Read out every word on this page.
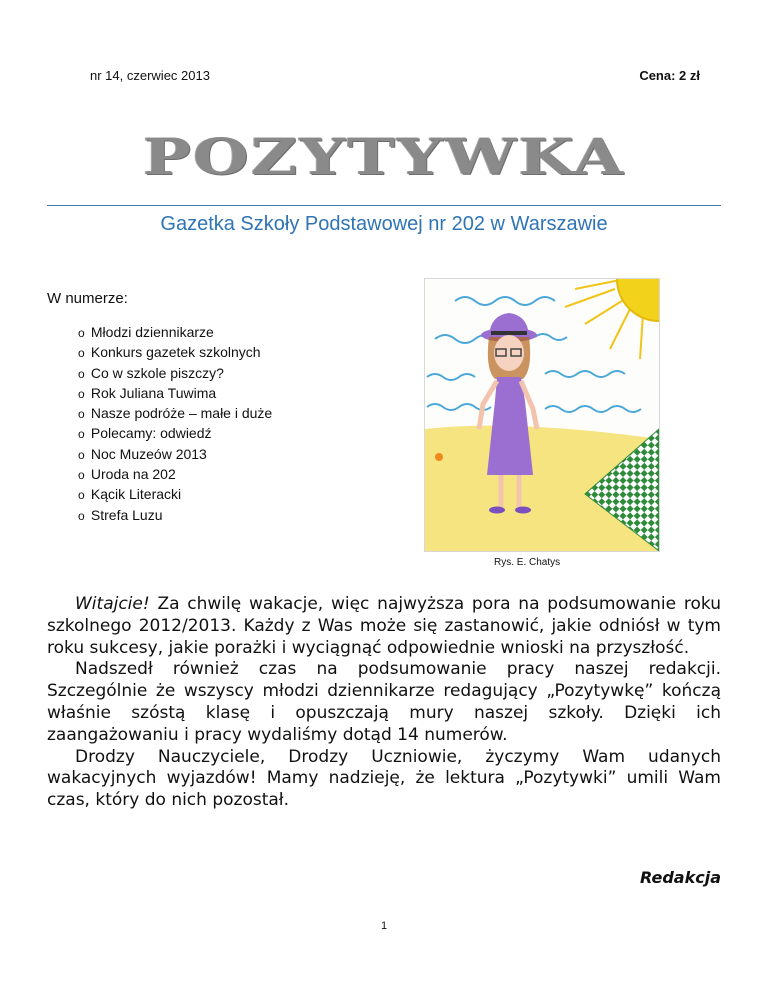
nr 14, czerwiec 2013	Cena: 2 zł
POZYTYWKA
Gazetka Szkoły Podstawowej nr 202 w Warszawie
W numerze:
o Młodzi dziennikarze
o Konkurs gazetek szkolnych
o Co w szkole piszczy?
o Rok Juliana Tuwima
o Nasze podróże – małe i duże
o Polecamy: odwiedź
o Noc Muzeów 2013
o Uroda na 202
o Kącik Literacki
o Strefa Luzu
Rys. E. Chatys

Witajcie! Za chwilę wakacje, więc najwyższa pora na podsumowanie roku szkolnego 2012/2013. Każdy z Was może się zastanowić, jakie odniósł w tym roku sukcesy, jakie porażki i wyciągnąć odpowiednie wnioski na przyszłość.

Nadszedł również czas na podsumowanie pracy naszej redakcji. Szczególnie że wszyscy młodzi dziennikarze redagujący „Pozytywkę” kończą właśnie szóstą klasę i opuszczają mury naszej szkoły. Dzięki ich zaangażowaniu i pracy wydaliśmy dotąd 14 numerów.

Drodzy Nauczyciele, Drodzy Uczniowie, życzymy Wam udanych wakacyjnych wyjazdów! Mamy nadzieję, że lektura „Pozytywki” umili Wam czas, który do nich pozostał.

Redakcja
1
